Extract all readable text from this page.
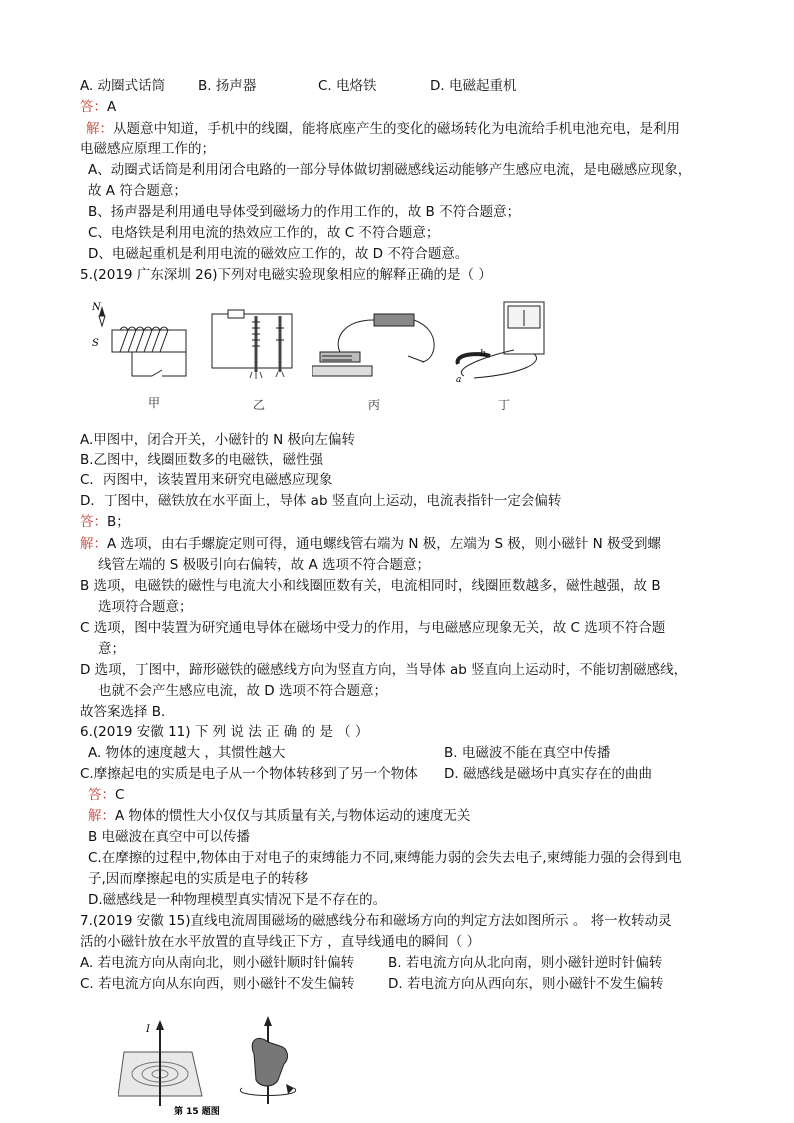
A. 动圈式话筒 B. 扬声器	C. 电烙铁	D. 电磁起重机
答：A
解：从题意中知道，手机中的线圈，能将底座产生的变化的磁场转化为电流给手机电池充电，是利用
电磁感应原理工作的；
A、动圈式话筒是利用闭合电路的一部分导体做切割磁感线运动能够产生感应电流，是电磁感应现象，
故 A 符合题意；
B、扬声器是利用通电导体受到磁场力的作用工作的，故 B 不符合题意；
C、电烙铁是利用电流的热效应工作的，故 C 不符合题意；
D、电磁起重机是利用电流的磁效应工作的，故 D 不符合题意。
5.(2019 广东深圳 26)下列对电磁实验现象相应的解释正确的是（ ）
N
S
b
a
甲	乙	丙	丁
A.甲图中，闭合开关，小磁针的 N 极向左偏转
B.乙图中，线圈匝数多的电磁铁，磁性强
C．丙图中，该装置用来研究电磁感应现象
D．丁图中，磁铁放在水平面上，导体 ab 竖直向上运动，电流表指针一定会偏转
答：B；
解：A 选项，由右手螺旋定则可得，通电螺线管右端为 N 极，左端为 S 极，则小磁针 N 极受到螺
线管左端的 S 极吸引向右偏转，故 A 选项不符合题意；
B 选项，电磁铁的磁性与电流大小和线圈匝数有关，电流相同时，线圈匝数越多，磁性越强，故 B
选项符合题意；
C 选项，图中装置为研究通电导体在磁场中受力的作用，与电磁感应现象无关，故 C 选项不符合题
意；
D 选项，丁图中，蹄形磁铁的磁感线方向为竖直方向，当导体 ab 竖直向上运动时，不能切割磁感线，
也就不会产生感应电流，故 D 选项不符合题意；
故答案选择 B．
6.(2019 安徽 11) 下 列 说 法 正 确 的 是 （ ）
A. 物体的速度越大 ，其惯性越大	B. 电磁波不能在真空中传播
C.摩擦起电的实质是电子从一个物体转移到了另一个物体 D. 磁感线是磁场中真实存在的曲曲
答：C
解：A 物体的惯性大小仅仅与其质量有关,与物体运动的速度无关
B 电磁波在真空中可以传播
C.在摩擦的过程中,物体由于对电子的束缚能力不同,柬缚能力弱的会失去电子,柬缚能力强的会得到电
子,因而摩擦起电的实质是电子的转移
D.磁感线是一种物理模型真实情况下是不存在的。
7.(2019 安徽 15)直线电流周围磁场的磁感线分布和磁场方向的判定方法如图所示 。 将一枚转动灵
活的小磁针放在水平放置的直导线正下方 ，直导线通电的瞬间（ ）
A. 若电流方向从南向北，则小磁针顺时针偏转	B. 若电流方向从北向南，则小磁针逆时针偏转
C. 若电流方向从东向西，则小磁针不发生偏转 D. 若电流方向从西向东，则小磁针不发生偏转
I
第 15 题图
